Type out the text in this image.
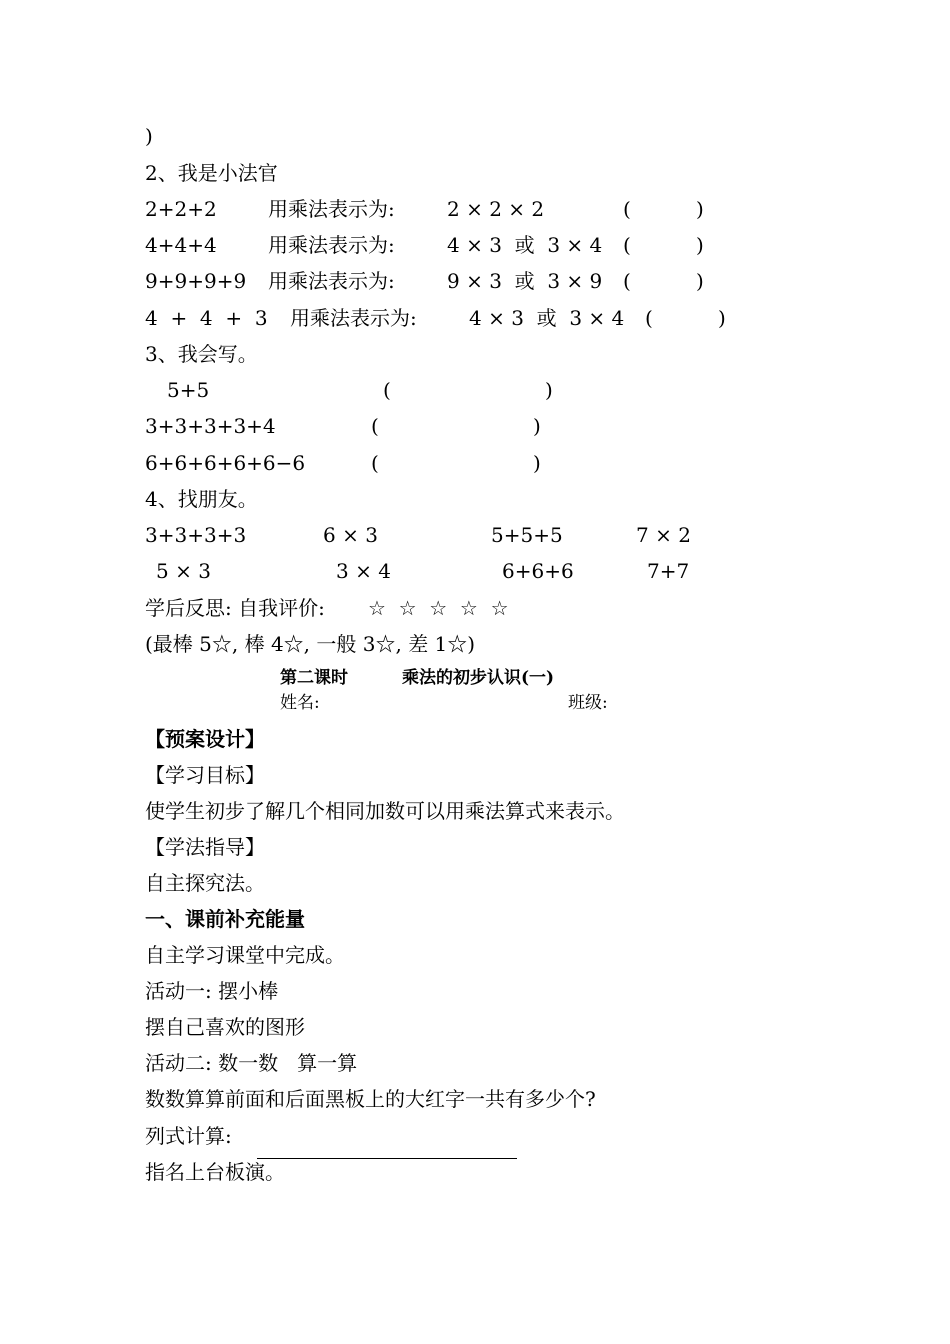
)
2、我是小法官
2+2+2	用乘法表示为:	2 × 2 × 2	(	)
4+4+4	用乘法表示为:	4 × 3  或  3 × 4 (	)
9+9+9+9 用乘法表示为:	9 × 3  或  3 × 9 (	)
4  +  4  +  3 用乘法表示为:	4 × 3  或  3 × 4 (	)
3、我会写。
5+5	(	)
3+3+3+3+4	(	)
6+6+6+6+6−6	(	)
4、找朋友。
3+3+3+3	6 × 3	5+5+5	7 × 2
5 × 3	3 × 4	6+6+6	7+7
学后反思: 自我评价: ☆  ☆  ☆  ☆  ☆
(最棒 5☆, 棒 4☆, 一般 3☆, 差 1☆)
第二课时	乘法的初步认识(一)
姓名:	班级:
【预案设计】
【学习目标】
使学生初步了解几个相同加数可以用乘法算式来表示。
【学法指导】
自主探究法。
一、课前补充能量
自主学习课堂中完成。
活动一: 摆小棒
摆自己喜欢的图形
活动二: 数一数   算一算
数数算算前面和后面黑板上的大红字一共有多少个?
列式计算:
指名上台板演。
